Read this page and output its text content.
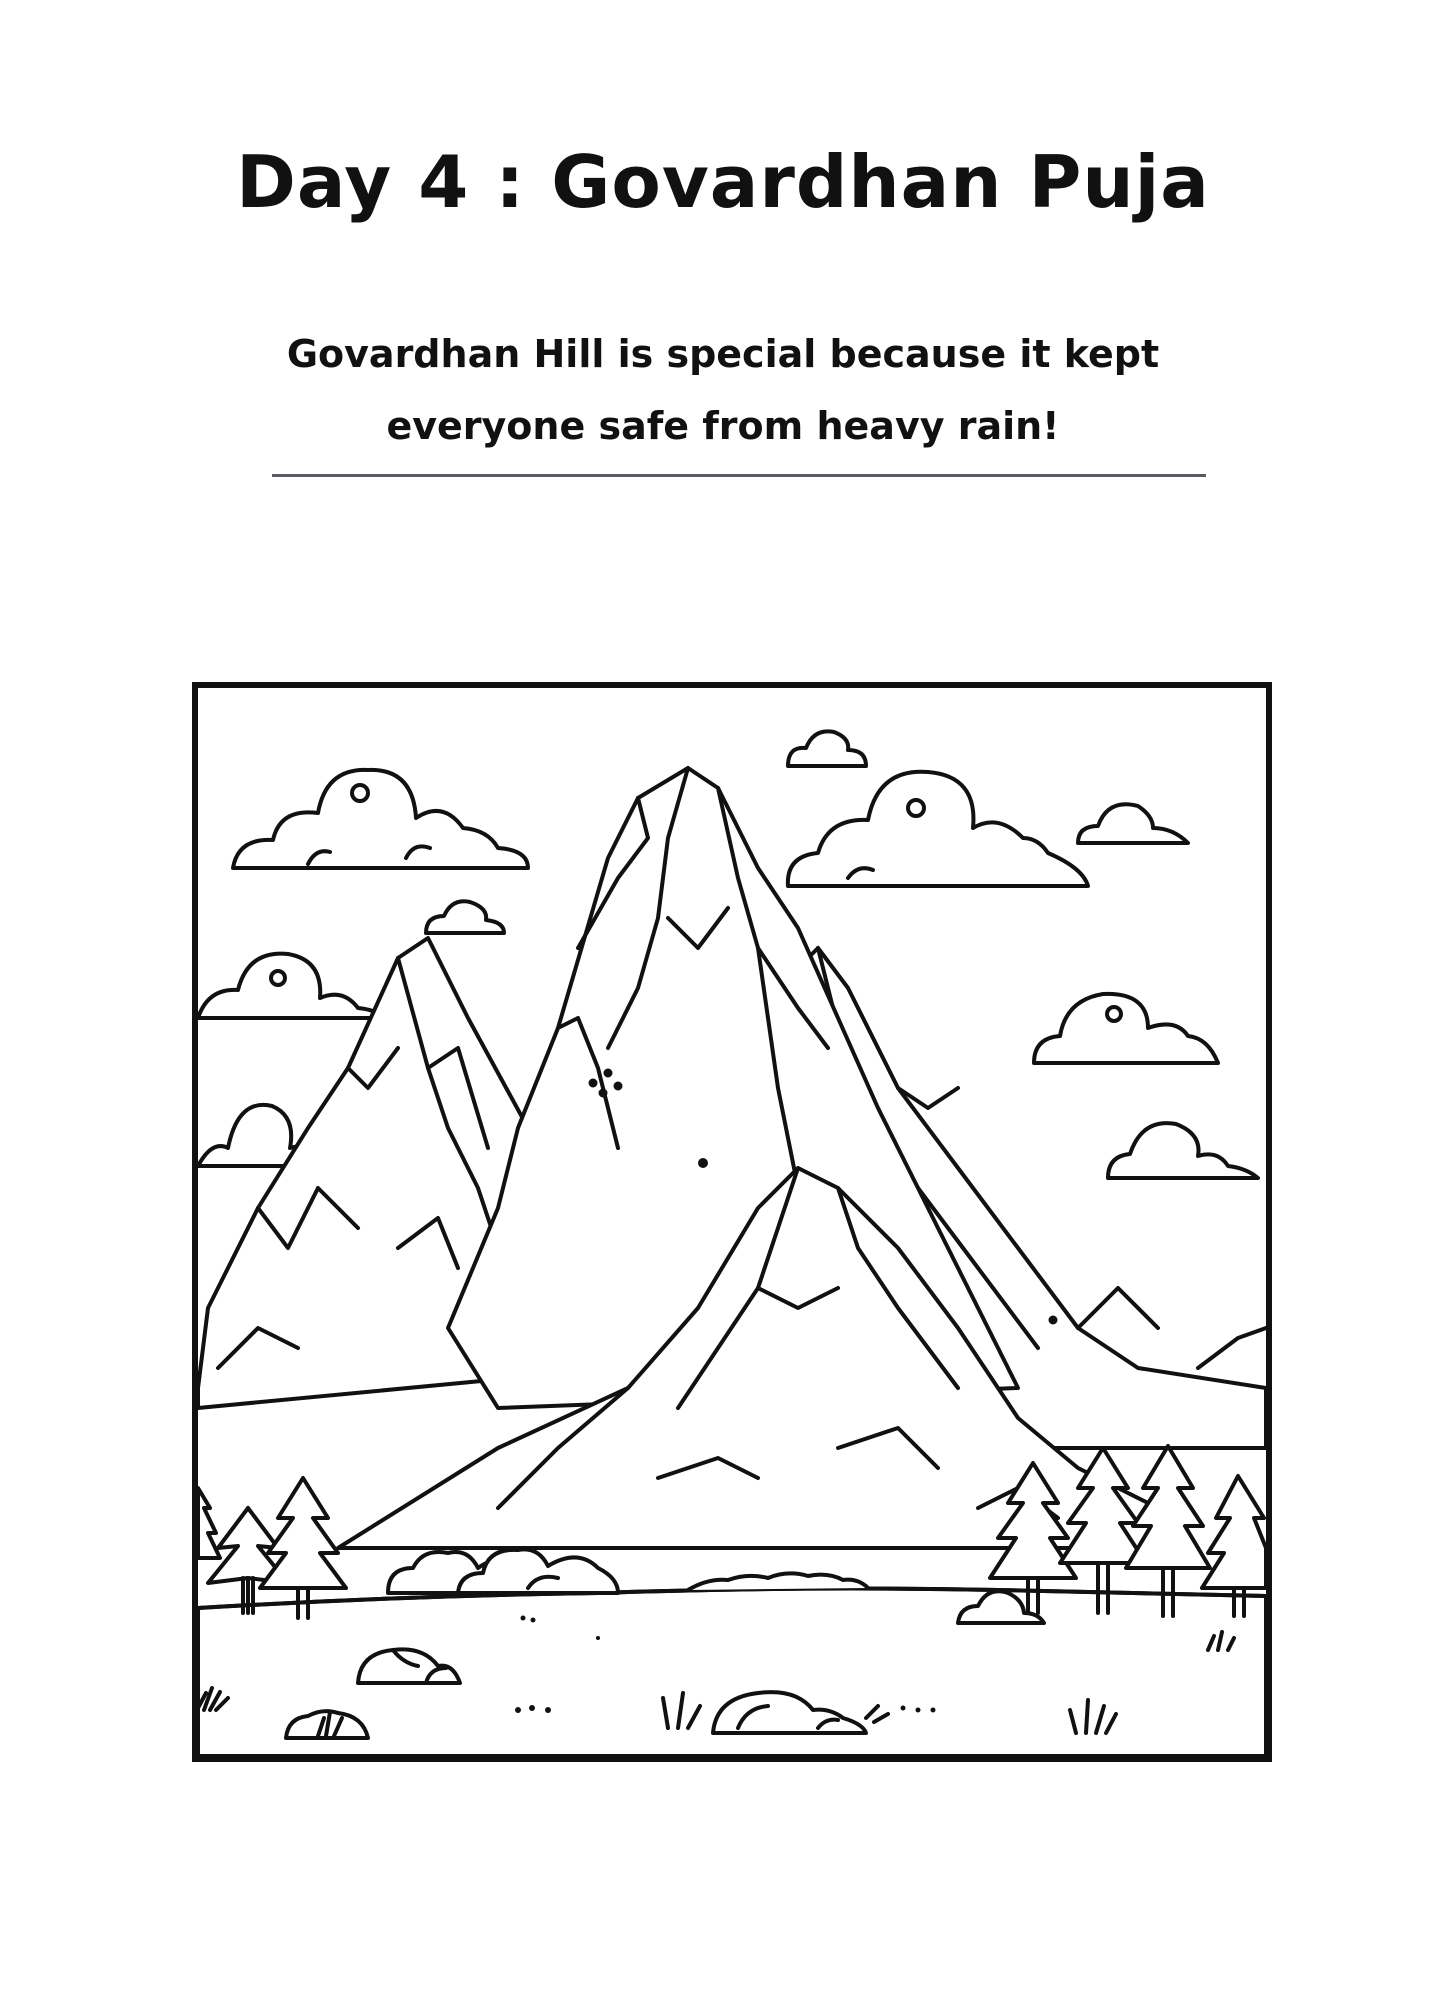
Day 4 : Govardhan Puja
Govardhan Hill is special because it kept
everyone safe from heavy rain!
